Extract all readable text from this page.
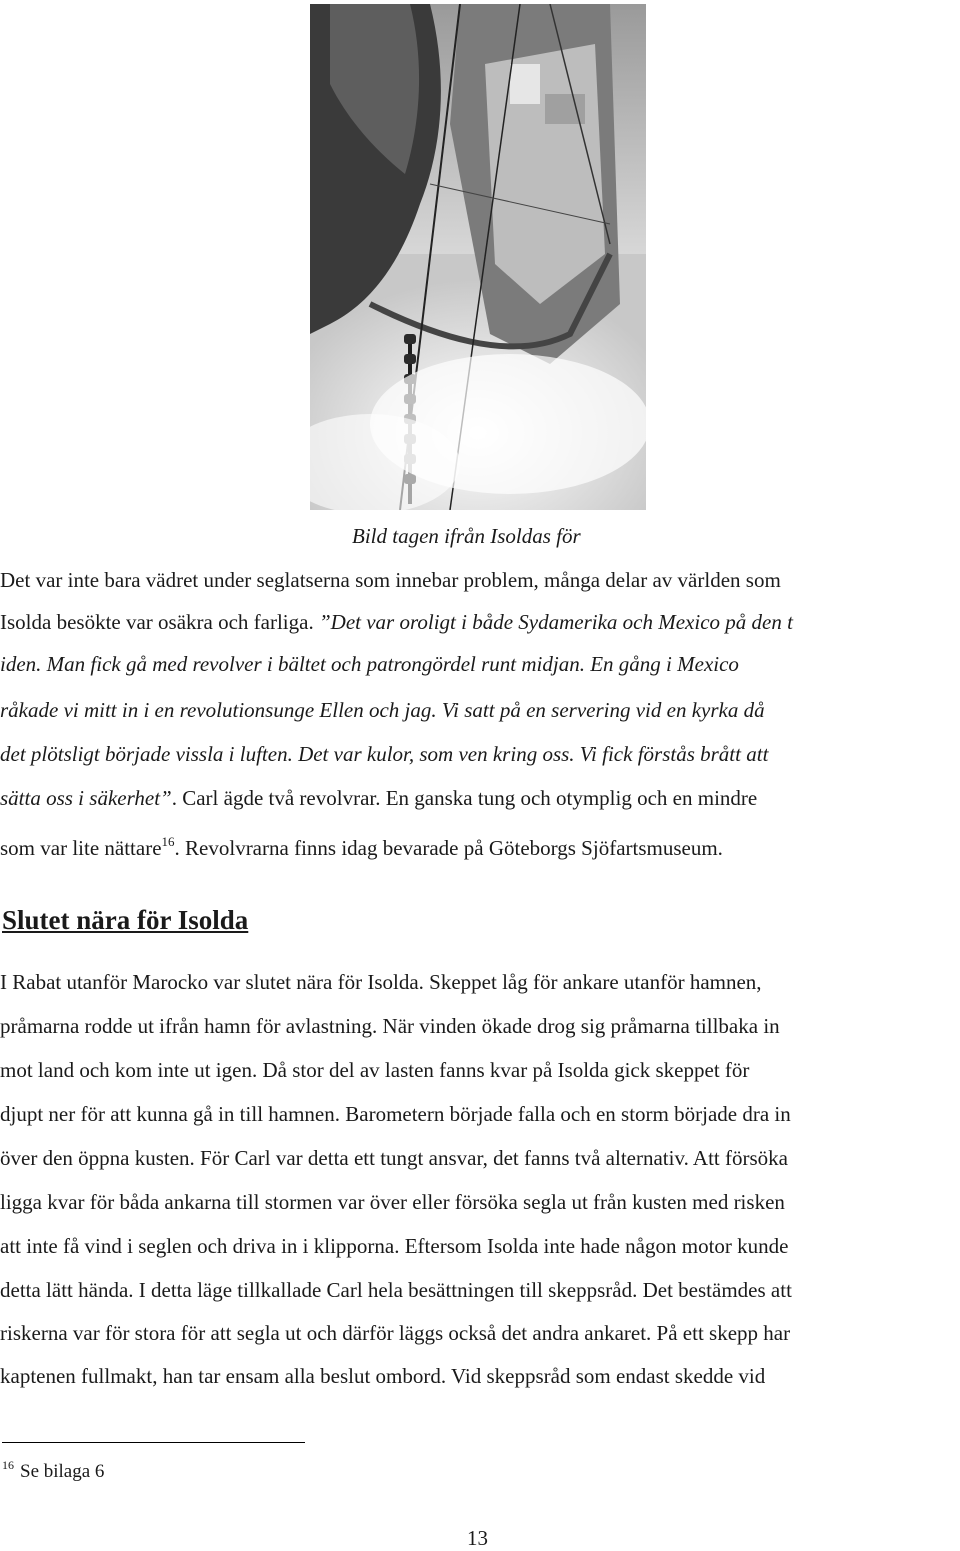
Bild tagen ifrån Isoldas för
Det var inte bara vädret under seglatserna som innebar problem, många delar av världen som
Isolda besökte var osäkra och farliga. ”Det var oroligt i både Sydamerika och Mexico på den t
iden. Man fick gå med revolver i bältet och patrongördel runt midjan. En gång i Mexico
råkade vi mitt in i en revolutionsunge Ellen och jag. Vi satt på en servering vid en kyrka då
det plötsligt började vissla i luften. Det var kulor, som ven kring oss. Vi fick förstås brått att
sätta oss i säkerhet”. Carl ägde två revolvrar. En ganska tung och otymplig och en mindre
som var lite nättare$^{16}$. Revolvrarna finns idag bevarade på Göteborgs Sjöfartsmuseum.
Slutet nära för Isolda
I Rabat utanför Marocko var slutet nära för Isolda. Skeppet låg för ankare utanför hamnen,
pråmarna rodde ut ifrån hamn för avlastning. När vinden ökade drog sig pråmarna tillbaka in
mot land och kom inte ut igen. Då stor del av lasten fanns kvar på Isolda gick skeppet för
djupt ner för att kunna gå in till hamnen. Barometern började falla och en storm började dra in
över den öppna kusten. För Carl var detta ett tungt ansvar, det fanns två alternativ. Att försöka
ligga kvar för båda ankarna till stormen var över eller försöka segla ut från kusten med risken
att inte få vind i seglen och driva in i klipporna. Eftersom Isolda inte hade någon motor kunde
detta lätt hända. I detta läge tillkallade Carl hela besättningen till skeppsråd. Det bestämdes att
riskerna var för stora för att segla ut och därför läggs också det andra ankaret. På ett skepp har
kaptenen fullmakt, han tar ensam alla beslut ombord. Vid skeppsråd som endast skedde vid
$^{16}$ Se bilaga 6
13
